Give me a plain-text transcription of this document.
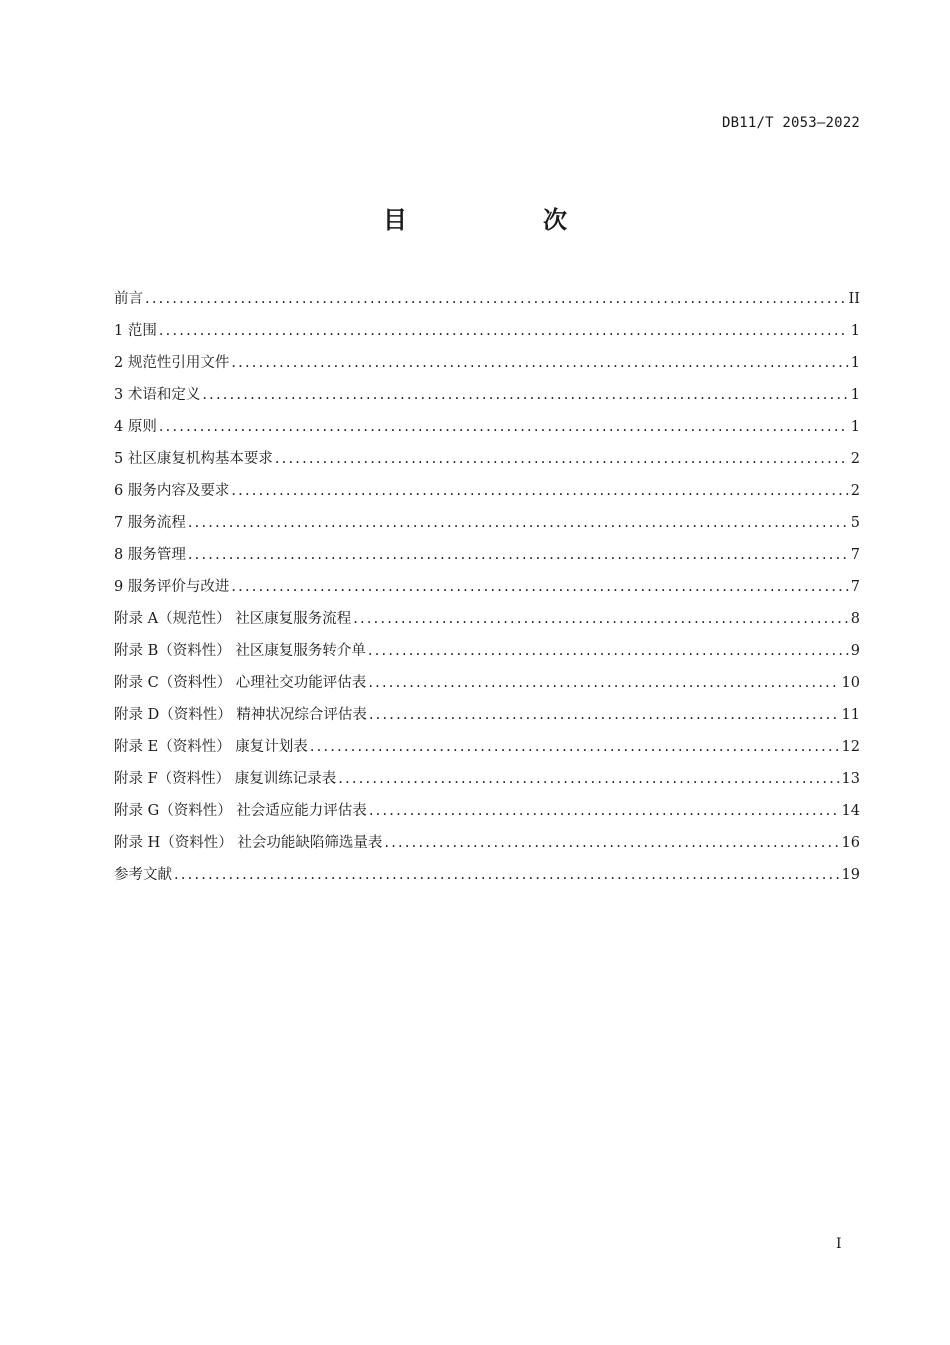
DB11/T 2053—2022
目　次
前言 . . .	II
1 范围 . . .	1
2 规范性引用文件 . . .	1
3 术语和定义 . . .	1
4 原则 . . .	1
5 社区康复机构基本要求 . . .	2
6 服务内容及要求 . . .	2
7 服务流程 . . .	5
8 服务管理 . . .	7
9 服务评价与改进 . . .	7
附录 A（规范性） 社区康复服务流程 . . .	8
附录 B（资料性） 社区康复服务转介单 . . .	9
附录 C（资料性） 心理社交功能评估表 . . .	10
附录 D（资料性） 精神状况综合评估表 . . .	11
附录 E（资料性） 康复计划表 . . .	12
附录 F（资料性） 康复训练记录表 . . .	13
附录 G（资料性） 社会适应能力评估表 . . .	14
附录 H（资料性） 社会功能缺陷筛选量表 . . .	16
参考文献 . . .	19
I
